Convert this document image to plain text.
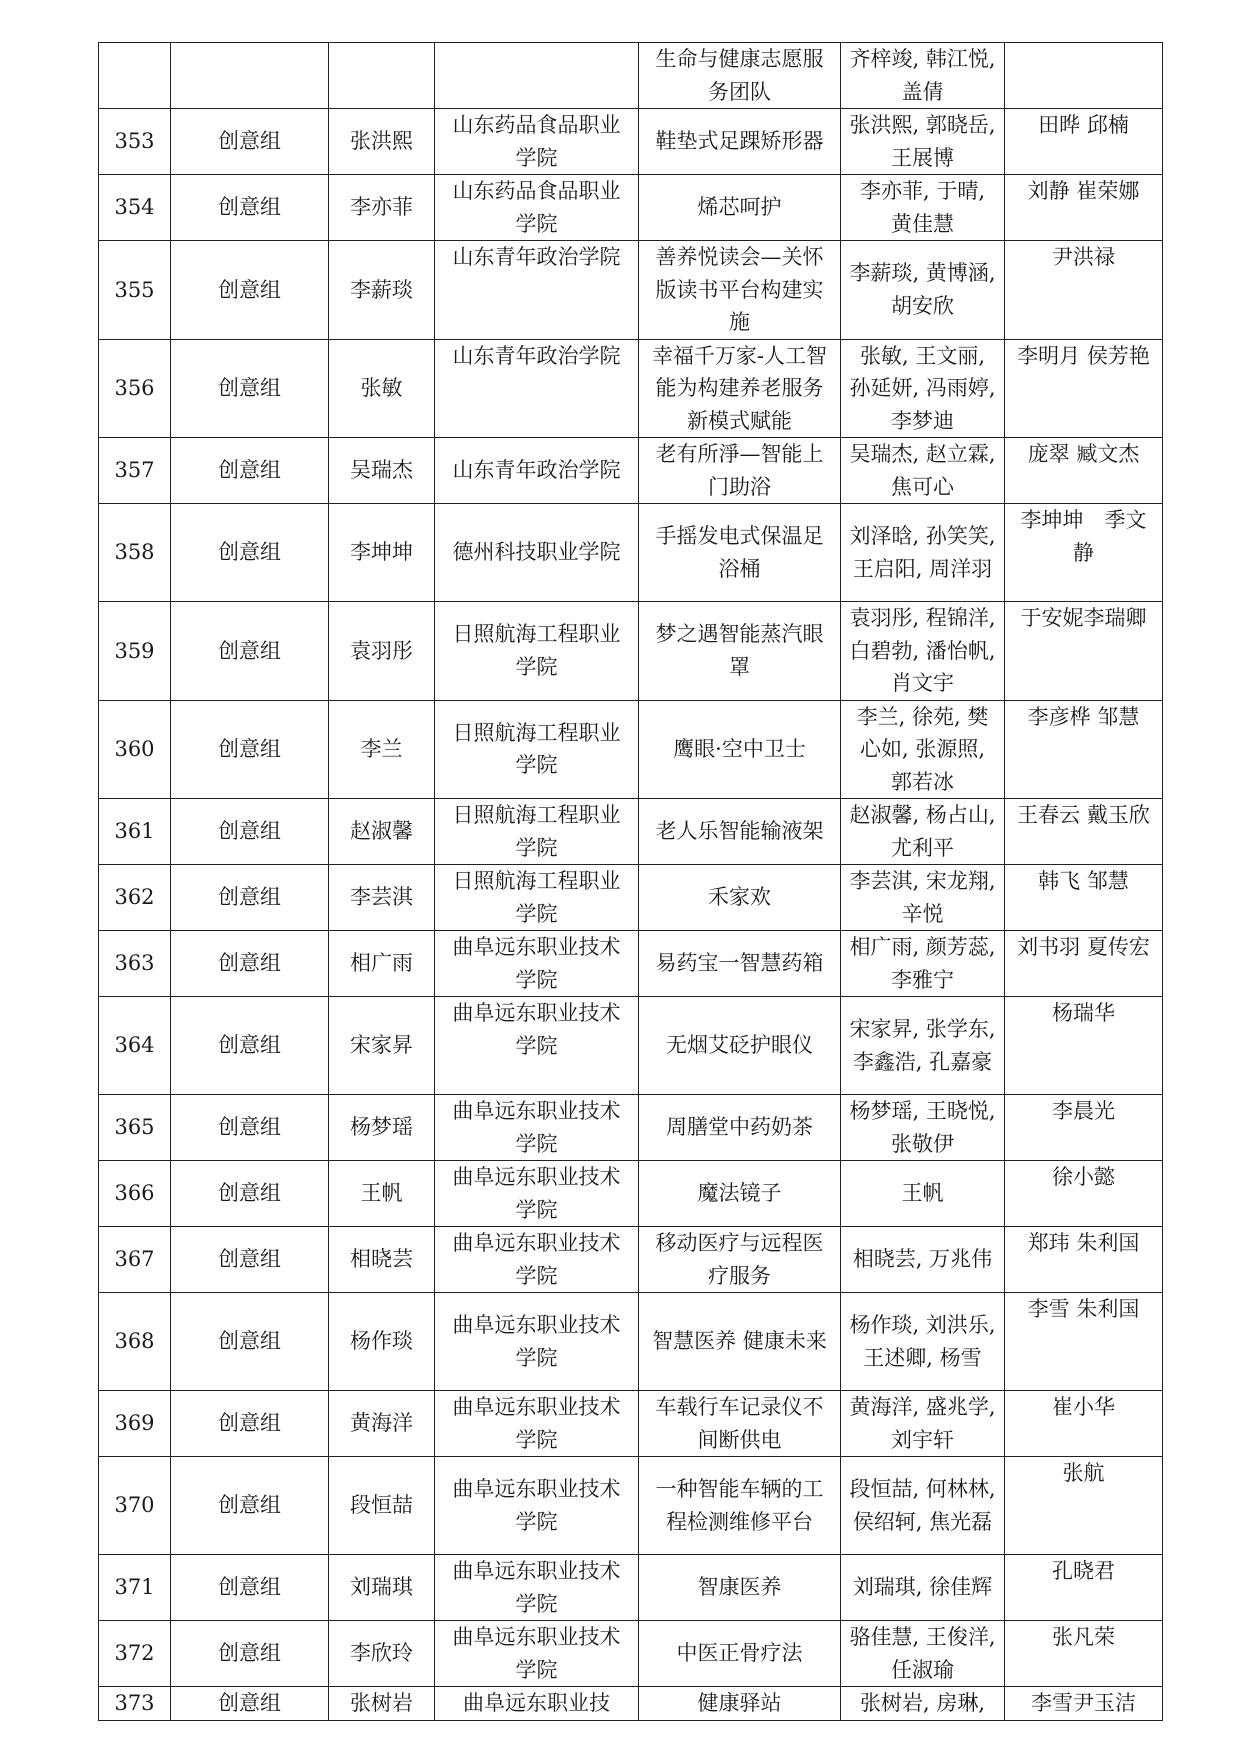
				生命与健康志愿服务团队	齐梓竣, 韩江悦, 盖倩	
353	创意组	张洪熙	山东药品食品职业学院	鞋垫式足踝矫形器	张洪熙, 郭晓岳, 王展博	田晔 邱楠
354	创意组	李亦菲	山东药品食品职业学院	烯芯呵护	李亦菲, 于晴, 黄佳慧	刘静 崔荣娜
355	创意组	李薪琰	山东青年政治学院	善养悦读会—关怀版读书平台构建实施	李薪琰, 黄博涵, 胡安欣	尹洪禄
356	创意组	张敏	山东青年政治学院	幸福千万家-人工智能为构建养老服务新模式赋能	张敏, 王文丽, 孙延妍, 冯雨婷, 李梦迪	李明月 侯芳艳
357	创意组	吴瑞杰	山东青年政治学院	老有所淨—智能上门助浴	吴瑞杰, 赵立霖, 焦可心	庞翠 臧文杰
358	创意组	李坤坤	德州科技职业学院	手摇发电式保温足浴桶	刘泽晗, 孙笑笑, 王启阳, 周洋羽	李坤坤　季文静
359	创意组	袁羽彤	日照航海工程职业学院	梦之遇智能蒸汽眼罩	袁羽彤, 程锦洋, 白碧勃, 潘怡帆, 肖文宇	于安妮李瑞卿
360	创意组	李兰	日照航海工程职业学院	鹰眼·空中卫士	李兰, 徐苑, 樊心如, 张源照, 郭若冰	李彦桦 邹慧
361	创意组	赵淑馨	日照航海工程职业学院	老人乐智能输液架	赵淑馨, 杨占山, 尤利平	王春云 戴玉欣
362	创意组	李芸淇	日照航海工程职业学院	禾家欢	李芸淇, 宋龙翔, 辛悦	韩飞 邹慧
363	创意组	相广雨	曲阜远东职业技术学院	易药宝一智慧药箱	相广雨, 颜芳蕊, 李雅宁	刘书羽 夏传宏
364	创意组	宋家昇	曲阜远东职业技术学院	无烟艾砭护眼仪	宋家昇, 张学东, 李鑫浩, 孔嘉豪	杨瑞华
365	创意组	杨梦瑶	曲阜远东职业技术学院	周膳堂中药奶茶	杨梦瑶, 王晓悦, 张敬伊	李晨光
366	创意组	王帆	曲阜远东职业技术学院	魔法镜子	王帆	徐小懿
367	创意组	相晓芸	曲阜远东职业技术学院	移动医疗与远程医疗服务	相晓芸, 万兆伟	郑玮 朱利国
368	创意组	杨作琰	曲阜远东职业技术学院	智慧医养 健康未来	杨作琰, 刘洪乐, 王述卿, 杨雪	李雪 朱利国
369	创意组	黄海洋	曲阜远东职业技术学院	车载行车记录仪不间断供电	黄海洋, 盛兆学, 刘宇轩	崔小华
370	创意组	段恒喆	曲阜远东职业技术学院	一种智能车辆的工程检测维修平台	段恒喆, 何林林, 侯绍轲, 焦光磊	张航
371	创意组	刘瑞琪	曲阜远东职业技术学院	智康医养	刘瑞琪, 徐佳辉	孔晓君
372	创意组	李欣玲	曲阜远东职业技术学院	中医正骨疗法	骆佳慧, 王俊洋, 任淑瑜	张凡荣
373	创意组	张树岩	曲阜远东职业技	健康驿站	张树岩, 房琳,	李雪尹玉洁
